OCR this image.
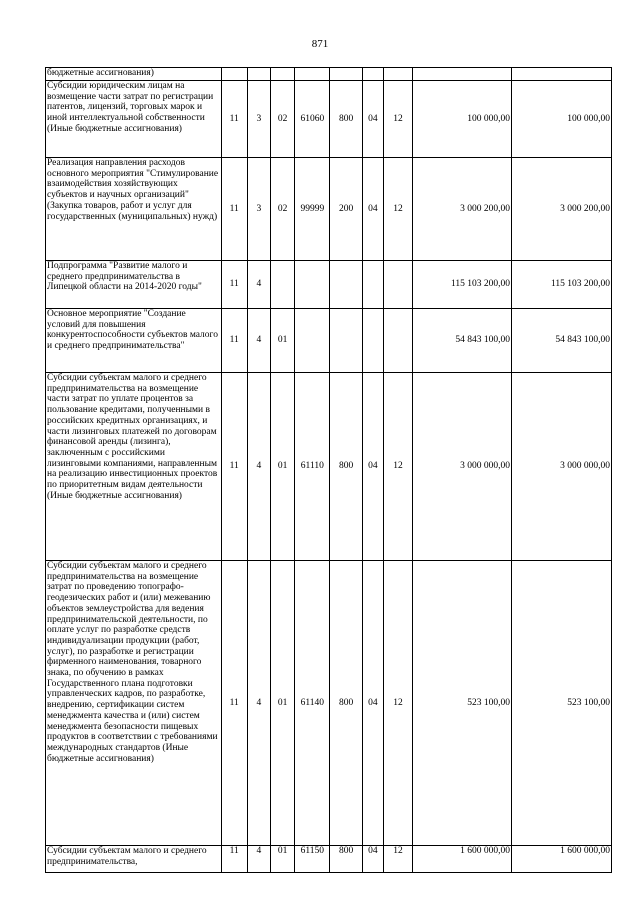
871
бюджетные ассигнования)									
Субсидии юридическим лицам на возмещение части затрат по регистрации патентов, лицензий, торговых марок и иной интеллектуальной собственности (Иные бюджетные ассигнования)	11	3	02	61060	800	04	12	100 000,00	100 000,00
Реализация направления расходов основного мероприятия "Стимулирование взаимодействия хозяйствующих субъектов и научных организаций" (Закупка товаров, работ и услуг для государственных (муниципальных) нужд)	11	3	02	99999	200	04	12	3 000 200,00	3 000 200,00
Подпрограмма "Развитие малого и среднего предпринимательства в Липецкой области на 2014-2020 годы"	11	4						115 103 200,00	115 103 200,00
Основное мероприятие "Создание условий для повышения конкурентоспособности субъектов малого и среднего предпринимательства"	11	4	01					54 843 100,00	54 843 100,00
Субсидии субъектам малого и среднего предпринимательства на возмещение части затрат по уплате процентов за пользование кредитами, полученными в российских кредитных организациях, и части лизинговых платежей по договорам финансовой аренды (лизинга), заключенным с российскими лизинговыми компаниями, направленным на реализацию инвестиционных проектов по приоритетным видам деятельности (Иные бюджетные ассигнования)	11	4	01	61110	800	04	12	3 000 000,00	3 000 000,00
Субсидии субъектам малого и среднего предпринимательства на возмещение затрат по проведению топографо-геодезических работ и (или) межеванию объектов землеустройства для ведения предпринимательской деятельности, по оплате услуг по разработке средств индивидуализации продукции (работ, услуг), по разработке и регистрации фирменного наименования, товарного знака, по обучению в рамках Государственного плана подготовки управленческих кадров, по разработке, внедрению, сертификации систем менеджмента качества и (или) систем менеджмента безопасности пищевых продуктов в соответствии с требованиями международных стандартов (Иные бюджетные ассигнования)	11	4	01	61140	800	04	12	523 100,00	523 100,00
Субсидии субъектам малого и среднего предпринимательства,	11	4	01	61150	800	04	12	1 600 000,00	1 600 000,00
